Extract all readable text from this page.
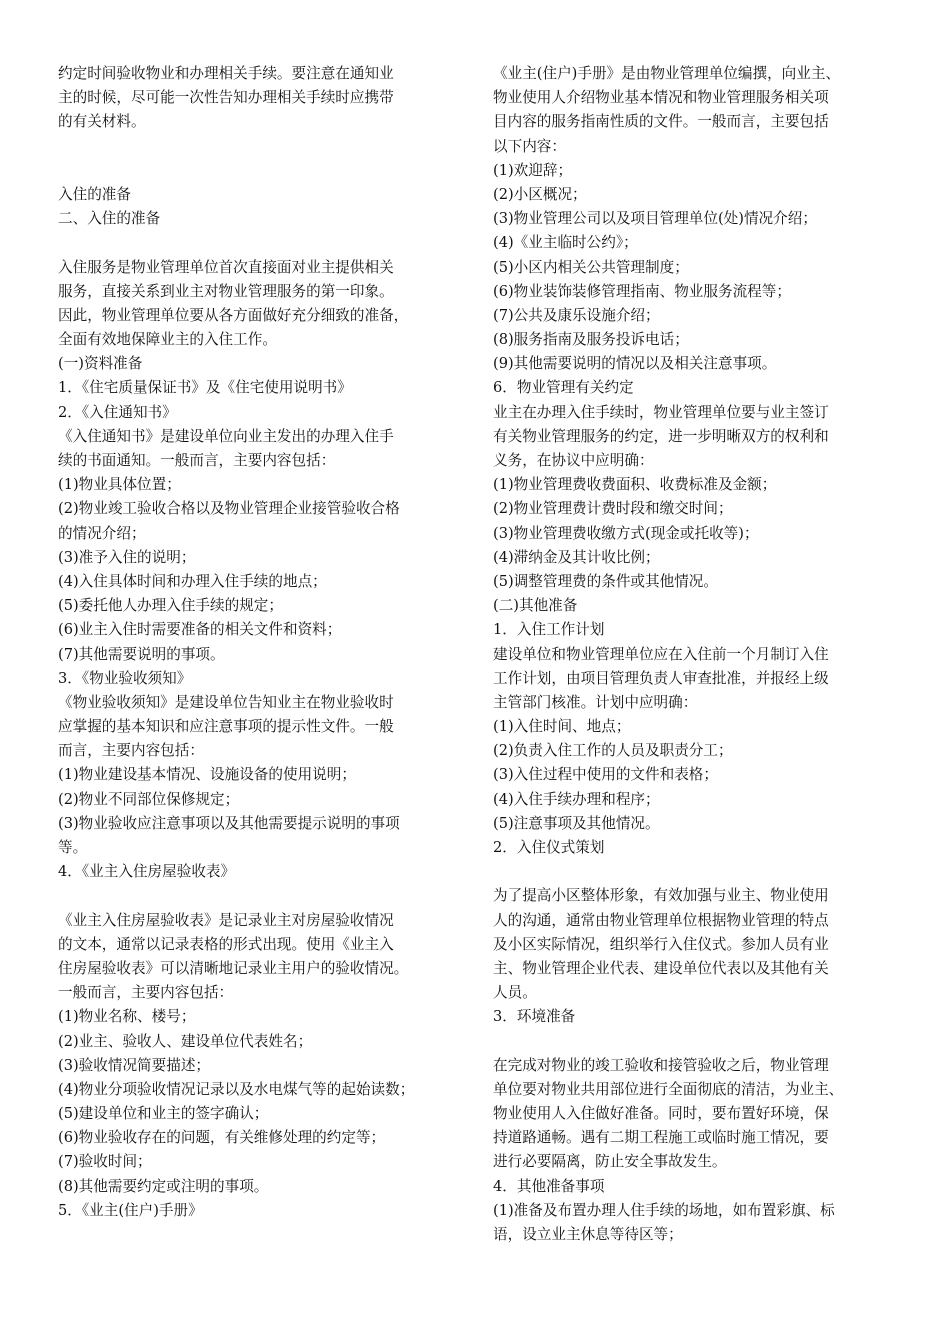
约定时间验收物业和办理相关手续。要注意在通知业
主的时候，尽可能一次性告知办理相关手续时应携带
的有关材料。
入住的准备
二、入住的准备
入住服务是物业管理单位首次直接面对业主提供相关
服务，直接关系到业主对物业管理服务的第一印象。
因此，物业管理单位要从各方面做好充分细致的准备，
全面有效地保障业主的入住工作。
(一)资料准备
1．《住宅质量保证书》及《住宅使用说明书》
2．《入住通知书》
《入住通知书》是建设单位向业主发出的办理入住手
续的书面通知。一般而言，主要内容包括：
(1)物业具体位置；
(2)物业竣工验收合格以及物业管理企业接管验收合格
的情况介绍；
(3)准予入住的说明；
(4)入住具体时间和办理入住手续的地点；
(5)委托他人办理入住手续的规定；
(6)业主入住时需要准备的相关文件和资料；
(7)其他需要说明的事项。
3．《物业验收须知》
《物业验收须知》是建设单位告知业主在物业验收时
应掌握的基本知识和应注意事项的提示性文件。一般
而言，主要内容包括：
(1)物业建设基本情况、设施设备的使用说明；
(2)物业不同部位保修规定；
(3)物业验收应注意事项以及其他需要提示说明的事项
等。
4．《业主入住房屋验收表》
《业主入住房屋验收表》是记录业主对房屋验收情况
的文本，通常以记录表格的形式出现。使用《业主入
住房屋验收表》可以清晰地记录业主用户的验收情况。
一般而言，主要内容包括：
(1)物业名称、楼号；
(2)业主、验收人、建设单位代表姓名；
(3)验收情况简要描述；
(4)物业分项验收情况记录以及水电煤气等的起始读数；
(5)建设单位和业主的签字确认；
(6)物业验收存在的问题，有关维修处理的约定等；
(7)验收时间；
(8)其他需要约定或注明的事项。
5．《业主(住户)手册》
《业主(住户)手册》是由物业管理单位编撰，向业主、
物业使用人介绍物业基本情况和物业管理服务相关项
目内容的服务指南性质的文件。一般而言，主要包括
以下内容：
(1)欢迎辞；
(2)小区概况；
(3)物业管理公司以及项目管理单位(处)情况介绍；
(4)《业主临时公约》；
(5)小区内相关公共管理制度；
(6)物业装饰装修管理指南、物业服务流程等；
(7)公共及康乐设施介绍；
(8)服务指南及服务投诉电话；
(9)其他需要说明的情况以及相关注意事项。
6．物业管理有关约定
业主在办理入住手续时，物业管理单位要与业主签订
有关物业管理服务的约定，进一步明晰双方的权利和
义务，在协议中应明确：
(1)物业管理费收费面积、收费标准及金额；
(2)物业管理费计费时段和缴交时间；
(3)物业管理费收缴方式(现金或托收等)；
(4)滞纳金及其计收比例；
(5)调整管理费的条件或其他情况。
(二)其他准备
1．入住工作计划
建设单位和物业管理单位应在入住前一个月制订入住
工作计划，由项目管理负责人审查批准，并报经上级
主管部门核准。计划中应明确：
(1)入住时间、地点；
(2)负责入住工作的人员及职责分工；
(3)入住过程中使用的文件和表格；
(4)入住手续办理和程序；
(5)注意事项及其他情况。
2．入住仪式策划
为了提高小区整体形象，有效加强与业主、物业使用
人的沟通，通常由物业管理单位根据物业管理的特点
及小区实际情况，组织举行入住仪式。参加人员有业
主、物业管理企业代表、建设单位代表以及其他有关
人员。
3．环境准备
在完成对物业的竣工验收和接管验收之后，物业管理
单位要对物业共用部位进行全面彻底的清洁，为业主、
物业使用人入住做好准备。同时，要布置好环境，保
持道路通畅。遇有二期工程施工或临时施工情况，要
进行必要隔离，防止安全事故发生。
4．其他准备事项
(1)准备及布置办理人住手续的场地，如布置彩旗、标
语，设立业主休息等待区等；
